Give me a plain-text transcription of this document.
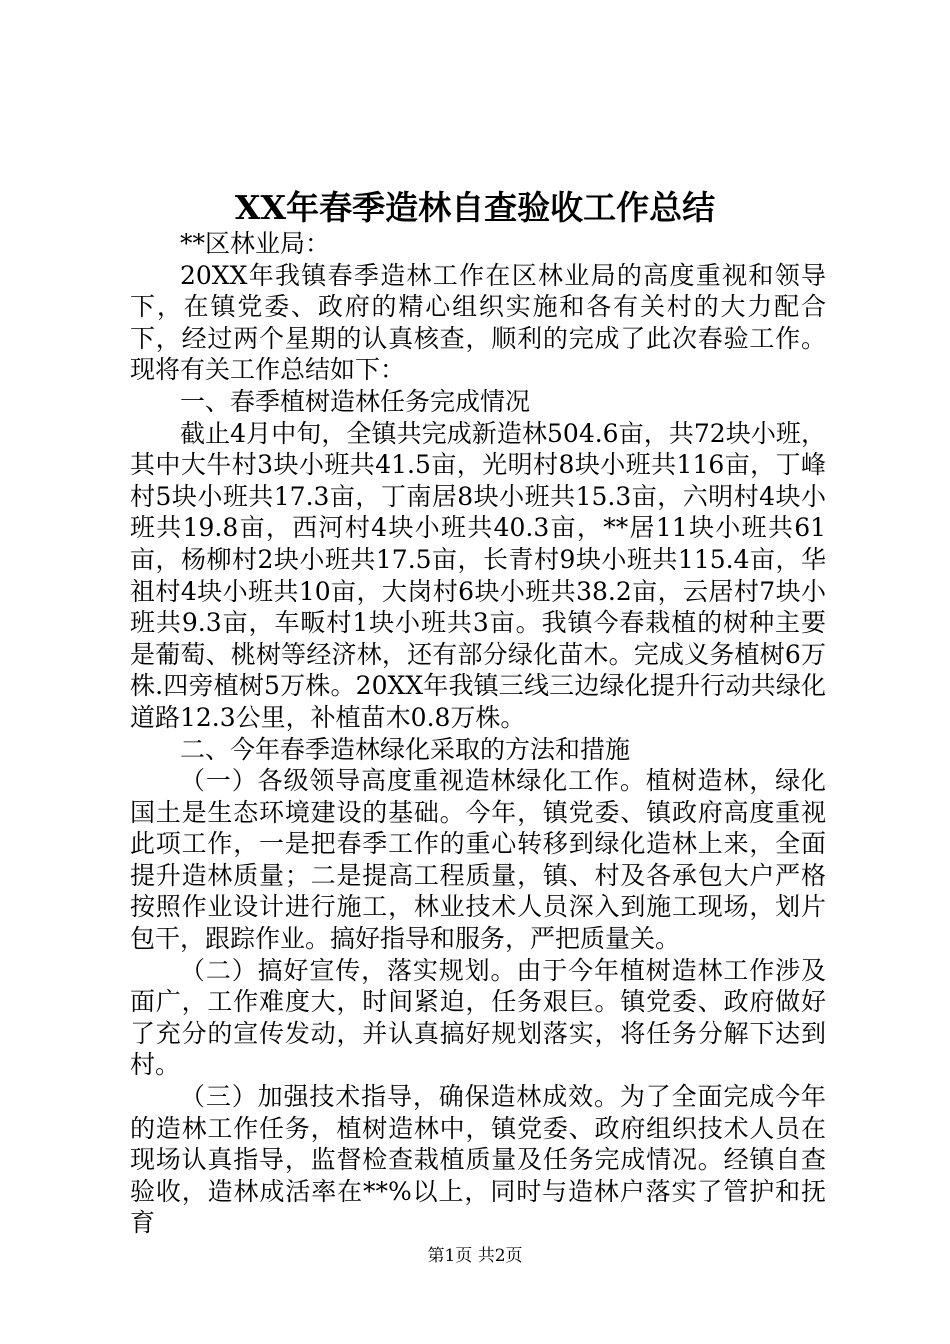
XX年春季造林自查验收工作总结

**区林业局：

20XX年我镇春季造林工作在区林业局的高度重视和领导下，在镇党委、政府的精心组织实施和各有关村的大力配合下，经过两个星期的认真核查，顺利的完成了此次春验工作。现将有关工作总结如下：

一、春季植树造林任务完成情况

截止4月中旬，全镇共完成新造林504.6亩，共72块小班，其中大牛村3块小班共41.5亩，光明村8块小班共116亩，丁峰村5块小班共17.3亩，丁南居8块小班共15.3亩，六明村4块小班共19.8亩，西河村4块小班共40.3亩，**居11块小班共61亩，杨柳村2块小班共17.5亩，长青村9块小班共115.4亩，华祖村4块小班共10亩，大岗村6块小班共38.2亩，云居村7块小班共9.3亩，车畈村1块小班共3亩。我镇今春栽植的树种主要是葡萄、桃树等经济林，还有部分绿化苗木。完成义务植树6万株.四旁植树5万株。20XX年我镇三线三边绿化提升行动共绿化道路12.3公里，补植苗木0.8万株。

二、今年春季造林绿化采取的方法和措施

（一）各级领导高度重视造林绿化工作。植树造林，绿化国土是生态环境建设的基础。今年，镇党委、镇政府高度重视此项工作，一是把春季工作的重心转移到绿化造林上来，全面提升造林质量；二是提高工程质量，镇、村及各承包大户严格按照作业设计进行施工，林业技术人员深入到施工现场，划片包干，跟踪作业。搞好指导和服务，严把质量关。

（二）搞好宣传，落实规划。由于今年植树造林工作涉及面广，工作难度大，时间紧迫，任务艰巨。镇党委、政府做好了充分的宣传发动，并认真搞好规划落实，将任务分解下达到村。

（三）加强技术指导，确保造林成效。为了全面完成今年的造林工作任务，植树造林中，镇党委、政府组织技术人员在现场认真指导，监督检查栽植质量及任务完成情况。经镇自查验收，造林成活率在**%以上，同时与造林户落实了管护和抚育

第1页 共2页
